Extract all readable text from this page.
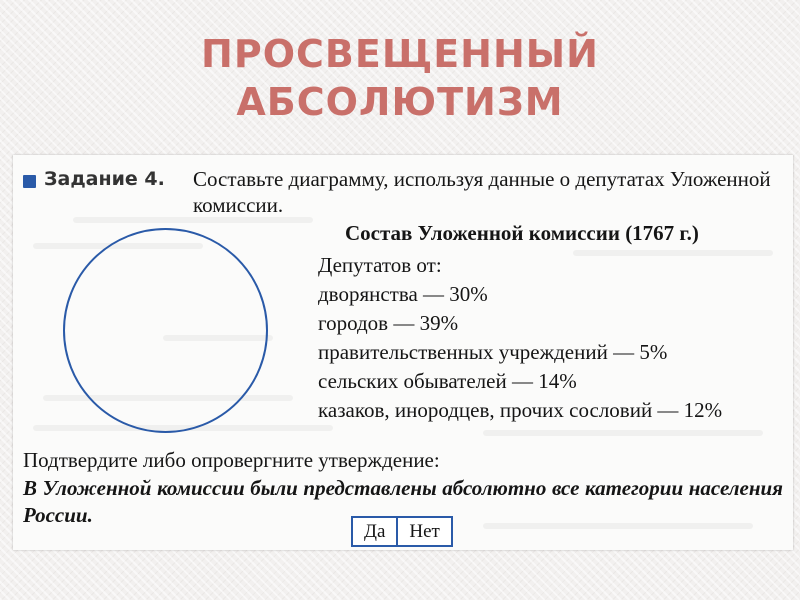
ПРОСВЕЩЕННЫЙ
АБСОЛЮТИЗМ
Задание 4. Составьте диаграмму, используя данные о депутатах Уложенной комиссии.
Состав Уложенной комиссии (1767 г.)
Депутатов от:
дворянства — 30%
городов — 39%
правительственных учреждений — 5%
сельских обывателей — 14%
казаков, инородцев, прочих сословий — 12%
Подтвердите либо опровергните утверждение:
В Уложенной комиссии были представлены абсолютно все категории населения России.
Да	Нет
